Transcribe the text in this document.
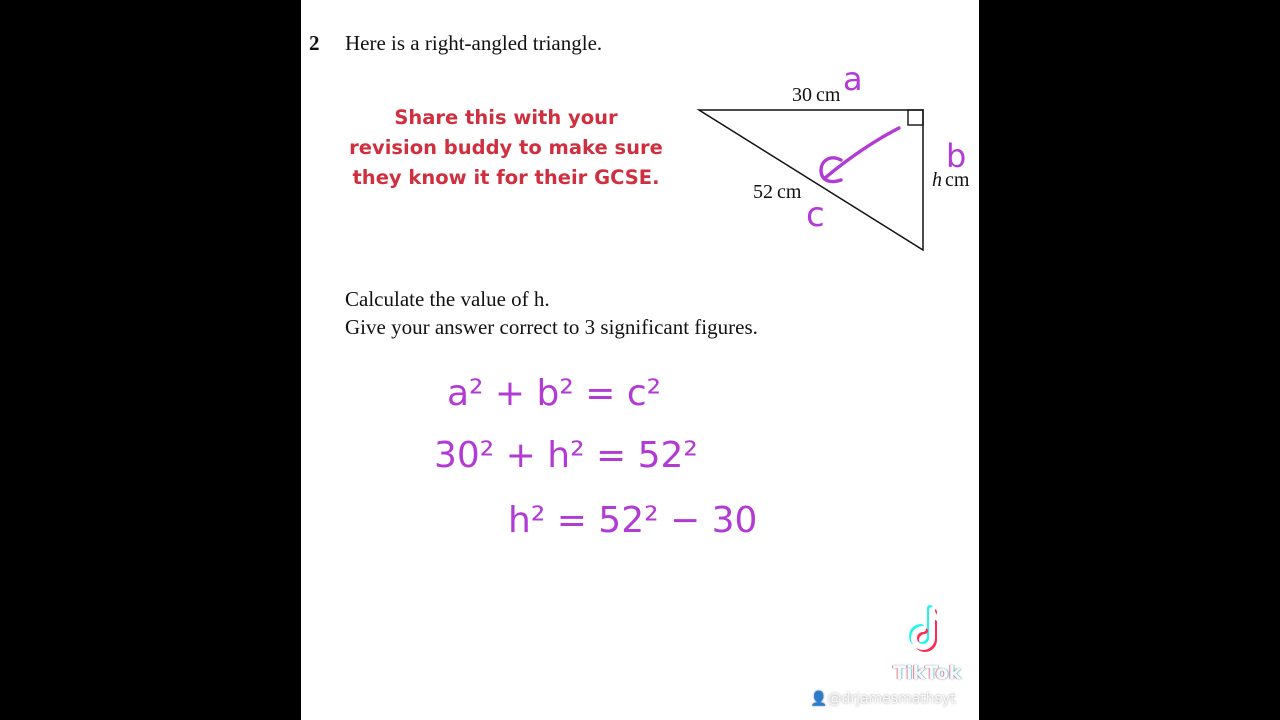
2 Here is a right-angled triangle.
Share this with your
revision buddy to make sure
they know it for their GCSE.
30 cm
52 cm
h cm
a
b
c
a² + b² = c²
30² + h² = 52²
h² = 52² − 30
Calculate the value of h.
Give your answer correct to 3 significant figures.
TikTok
👤@drjamesmathsyt
